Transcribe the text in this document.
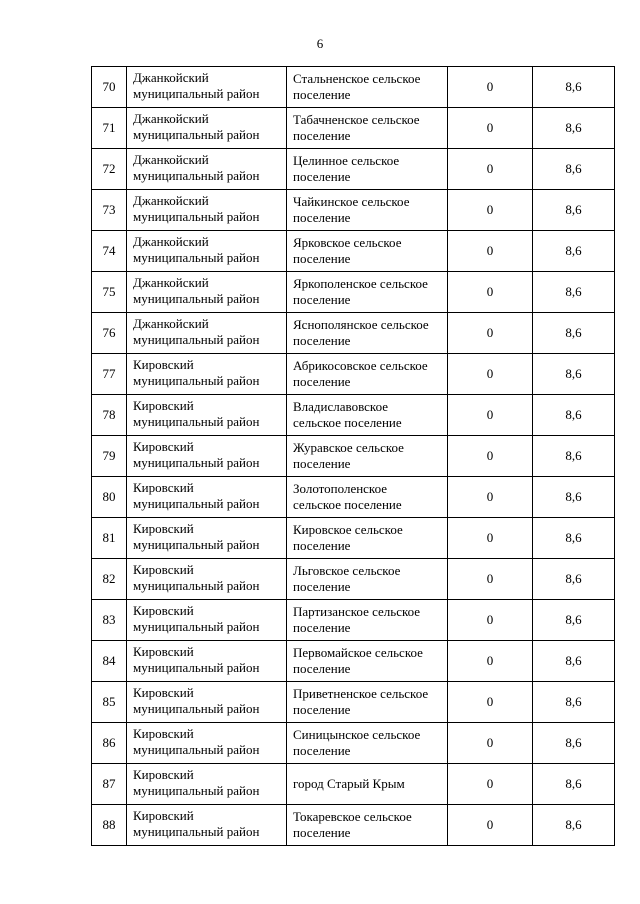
6
70	Джанкойский
муниципальный район	Стальненское сельское
поселение	0	8,6
71	Джанкойский
муниципальный район	Табачненское сельское
поселение	0	8,6
72	Джанкойский
муниципальный район	Целинное сельское
поселение	0	8,6
73	Джанкойский
муниципальный район	Чайкинское сельское
поселение	0	8,6
74	Джанкойский
муниципальный район	Ярковское сельское
поселение	0	8,6
75	Джанкойский
муниципальный район	Яркополенское сельское
поселение	0	8,6
76	Джанкойский
муниципальный район	Яснополянское сельское
поселение	0	8,6
77	Кировский
муниципальный район	Абрикосовское сельское
поселение	0	8,6
78	Кировский
муниципальный район	Владиславовское
сельское поселение	0	8,6
79	Кировский
муниципальный район	Журавское сельское
поселение	0	8,6
80	Кировский
муниципальный район	Золотополенское
сельское поселение	0	8,6
81	Кировский
муниципальный район	Кировское сельское
поселение	0	8,6
82	Кировский
муниципальный район	Льговское сельское
поселение	0	8,6
83	Кировский
муниципальный район	Партизанское сельское
поселение	0	8,6
84	Кировский
муниципальный район	Первомайское сельское
поселение	0	8,6
85	Кировский
муниципальный район	Приветненское сельское
поселение	0	8,6
86	Кировский
муниципальный район	Синицынское сельское
поселение	0	8,6
87	Кировский
муниципальный район	город Старый Крым	0	8,6
88	Кировский
муниципальный район	Токаревское сельское
поселение	0	8,6
